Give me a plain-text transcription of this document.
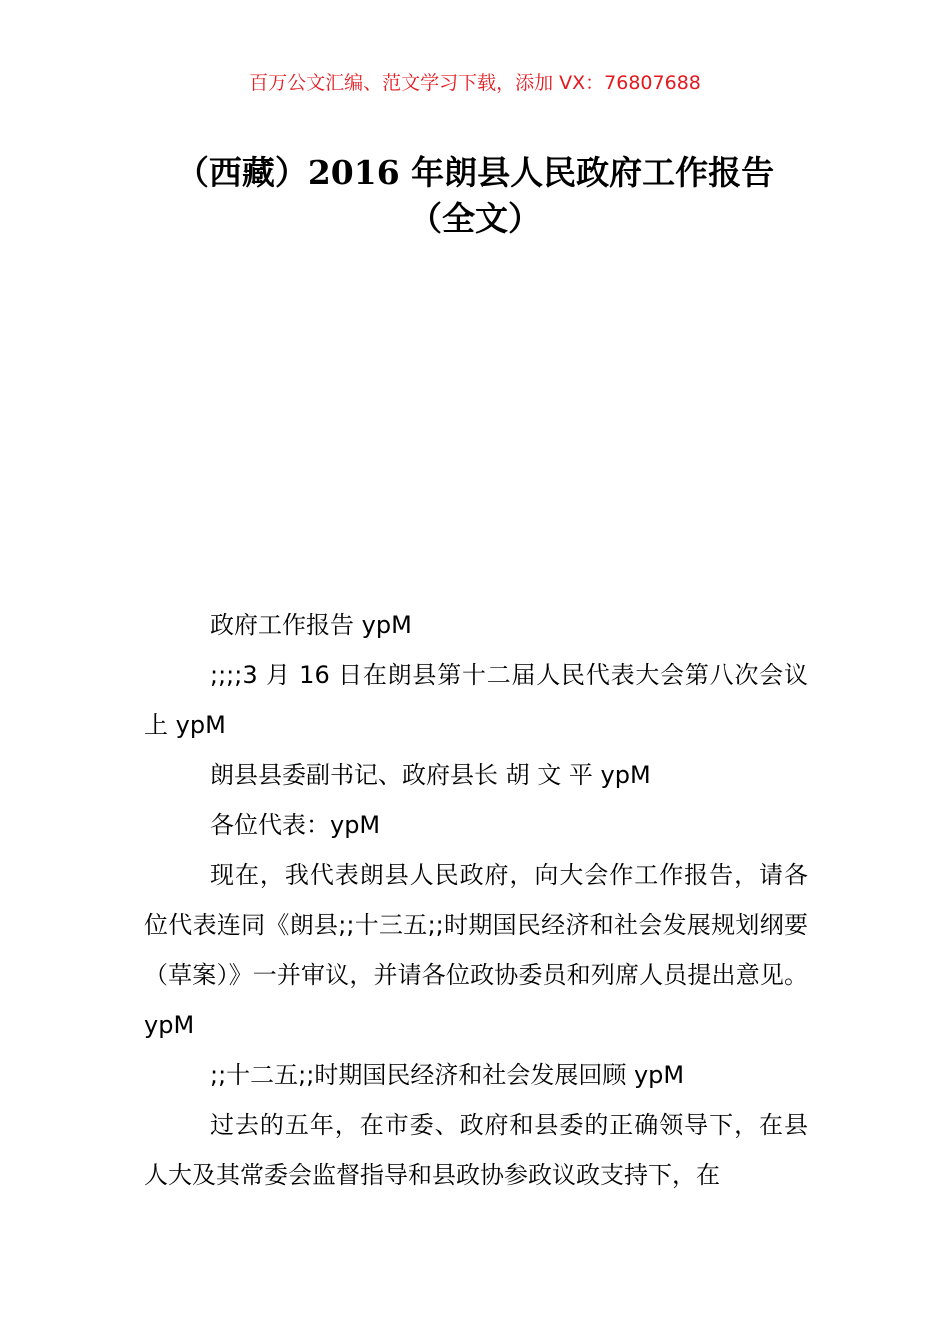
百万公文汇编、范文学习下载，添加 VX：76807688
（西藏）2016 年朗县人民政府工作报告
（全文）

政府工作报告 ypM

;;;;3 月 16 日在朗县第十二届人民代表大会第八次会议上 ypM

朗县县委副书记、政府县长 胡 文 平 ypM

各位代表：ypM

现在，我代表朗县人民政府，向大会作工作报告，请各位代表连同《朗县;;十三五;;时期国民经济和社会发展规划纲要（草案）》一并审议，并请各位政协委员和列席人员提出意见。ypM

;;十二五;;时期国民经济和社会发展回顾 ypM

过去的五年，在市委、政府和县委的正确领导下，在县人大及其常委会监督指导和县政协参政议政支持下，在
